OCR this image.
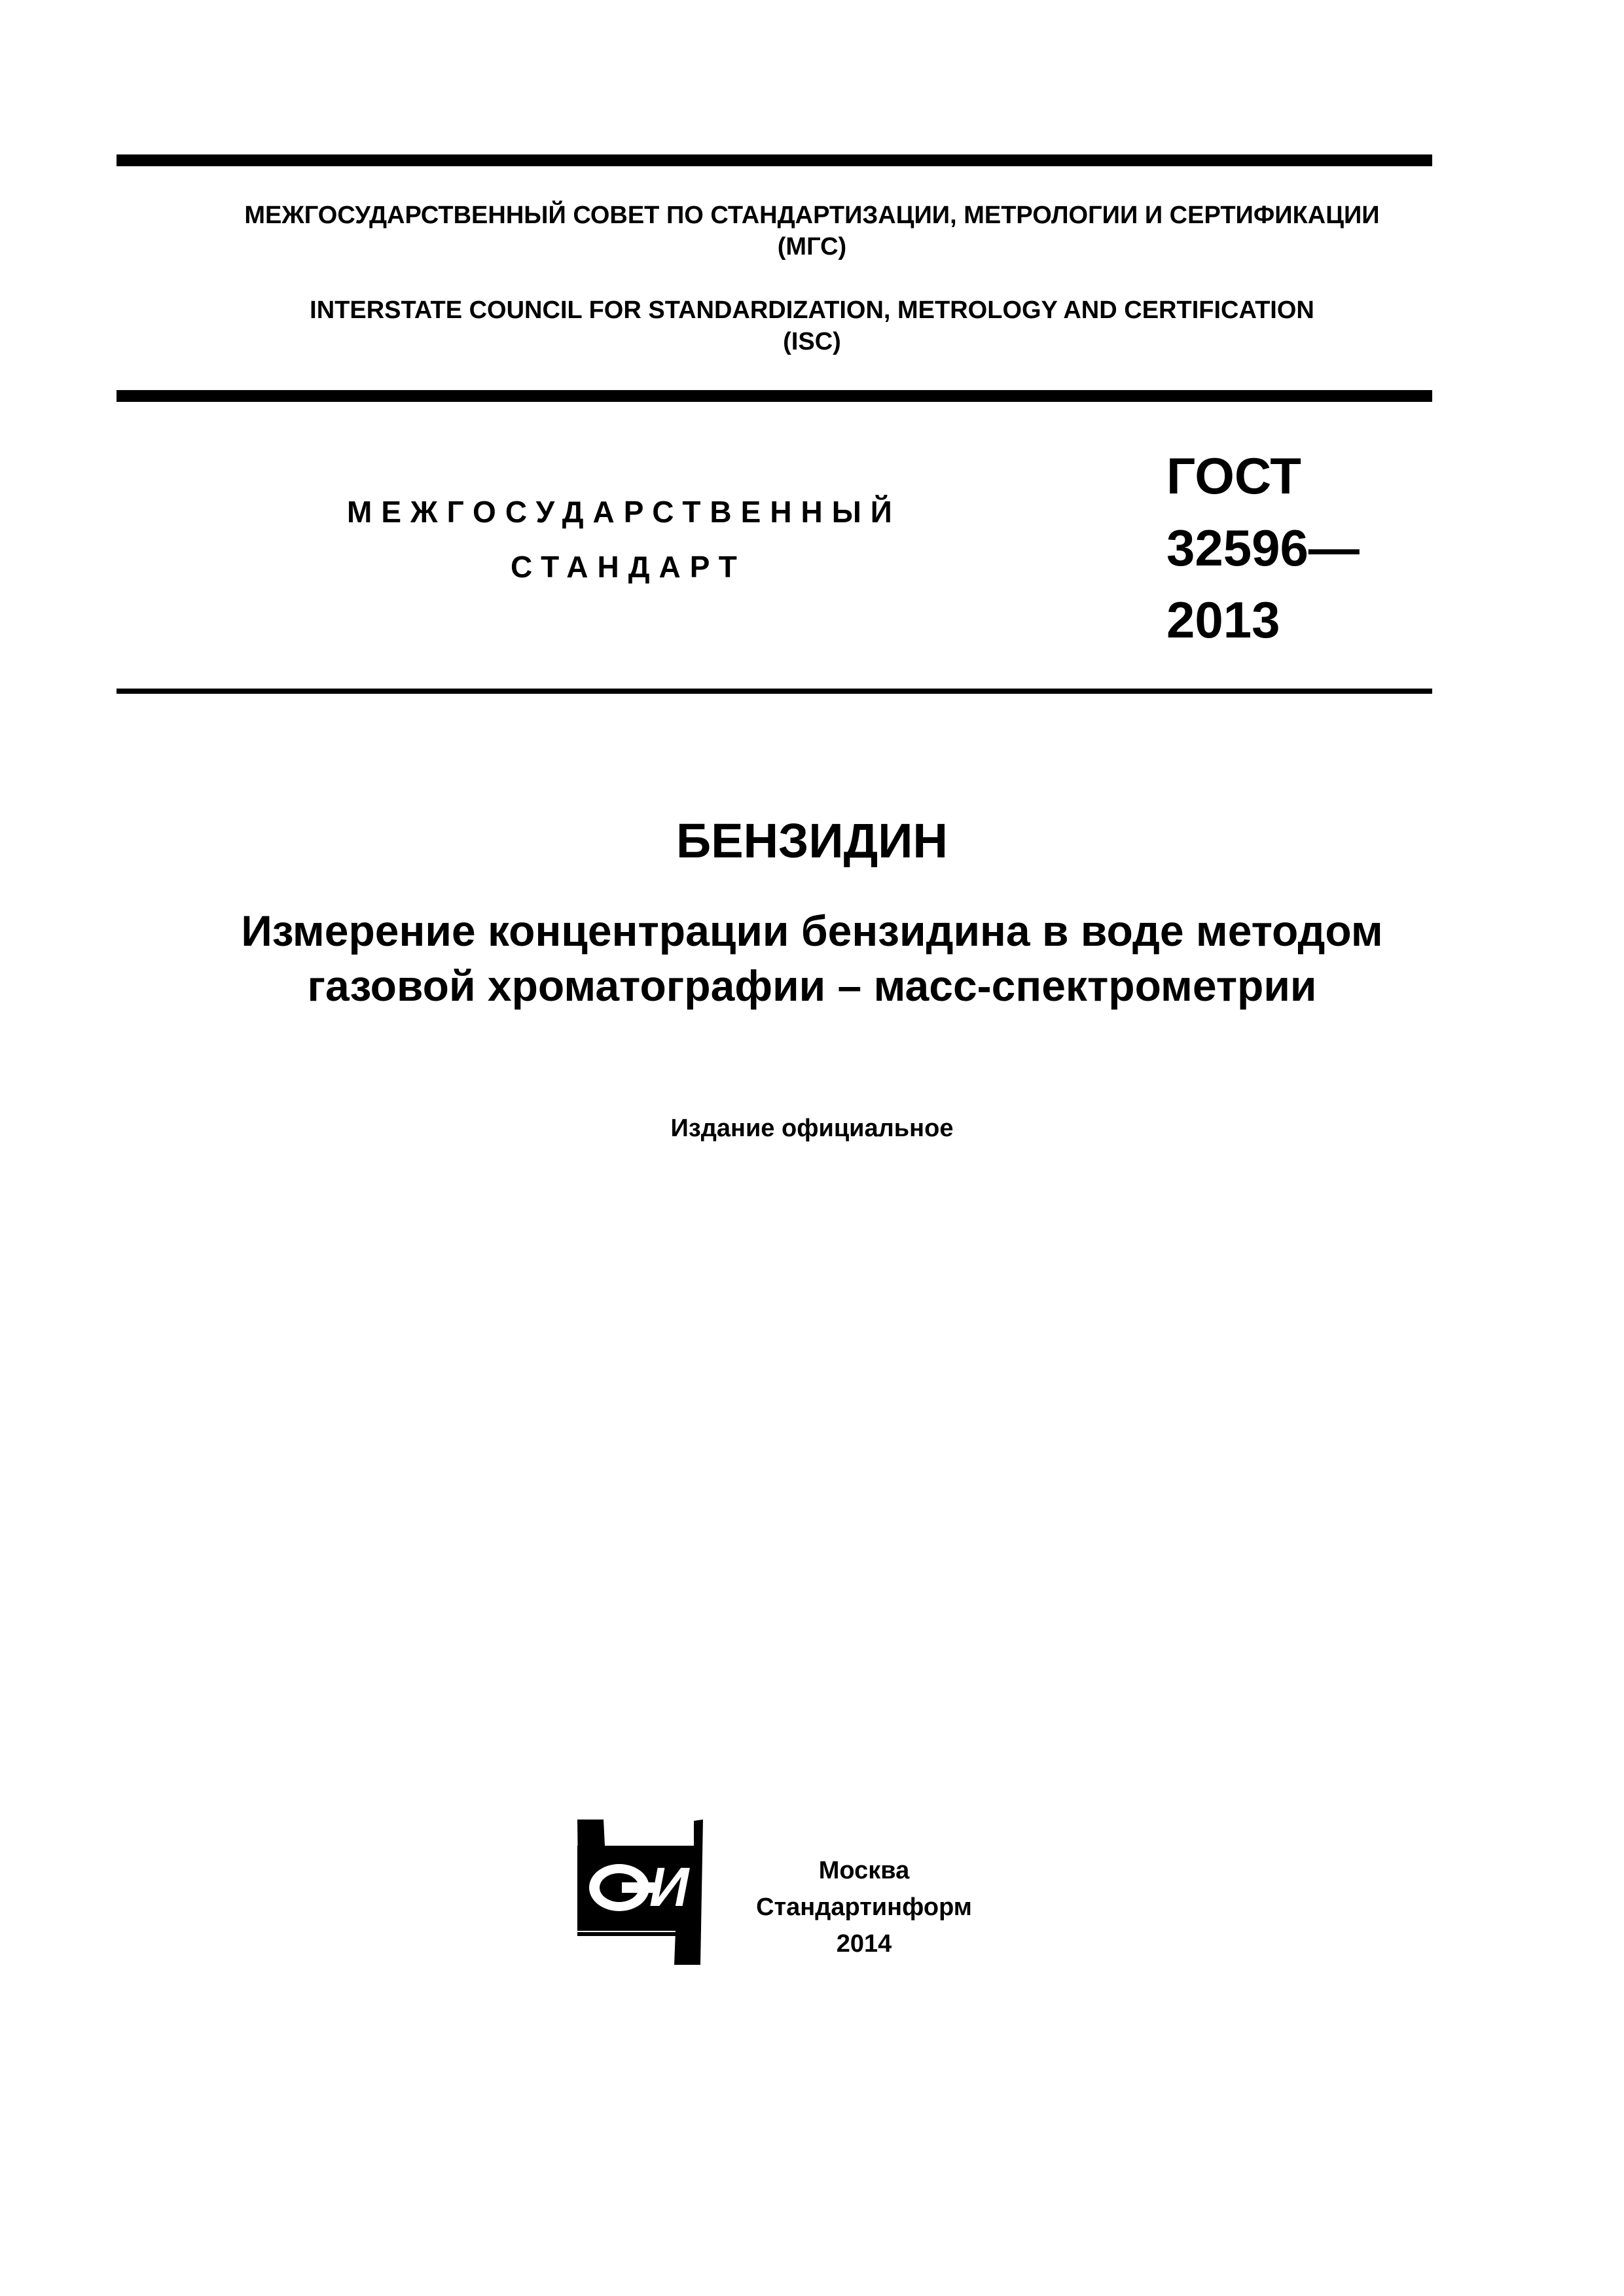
МЕЖГОСУДАРСТВЕННЫЙ СОВЕТ ПО СТАНДАРТИЗАЦИИ, МЕТРОЛОГИИ И СЕРТИФИКАЦИИ
(МГС)
INTERSTATE COUNCIL FOR STANDARDIZATION, METROLOGY AND CERTIFICATION
(ISC)
МЕЖГОСУДАРСТВЕННЫЙ
СТАНДАРТ
ГОСТ
32596—
2013
БЕНЗИДИН
Измерение концентрации бензидина в воде методом
газовой хроматографии – масс-спектрометрии
Издание официальное
И	Москва
Стандартинформ
2014
